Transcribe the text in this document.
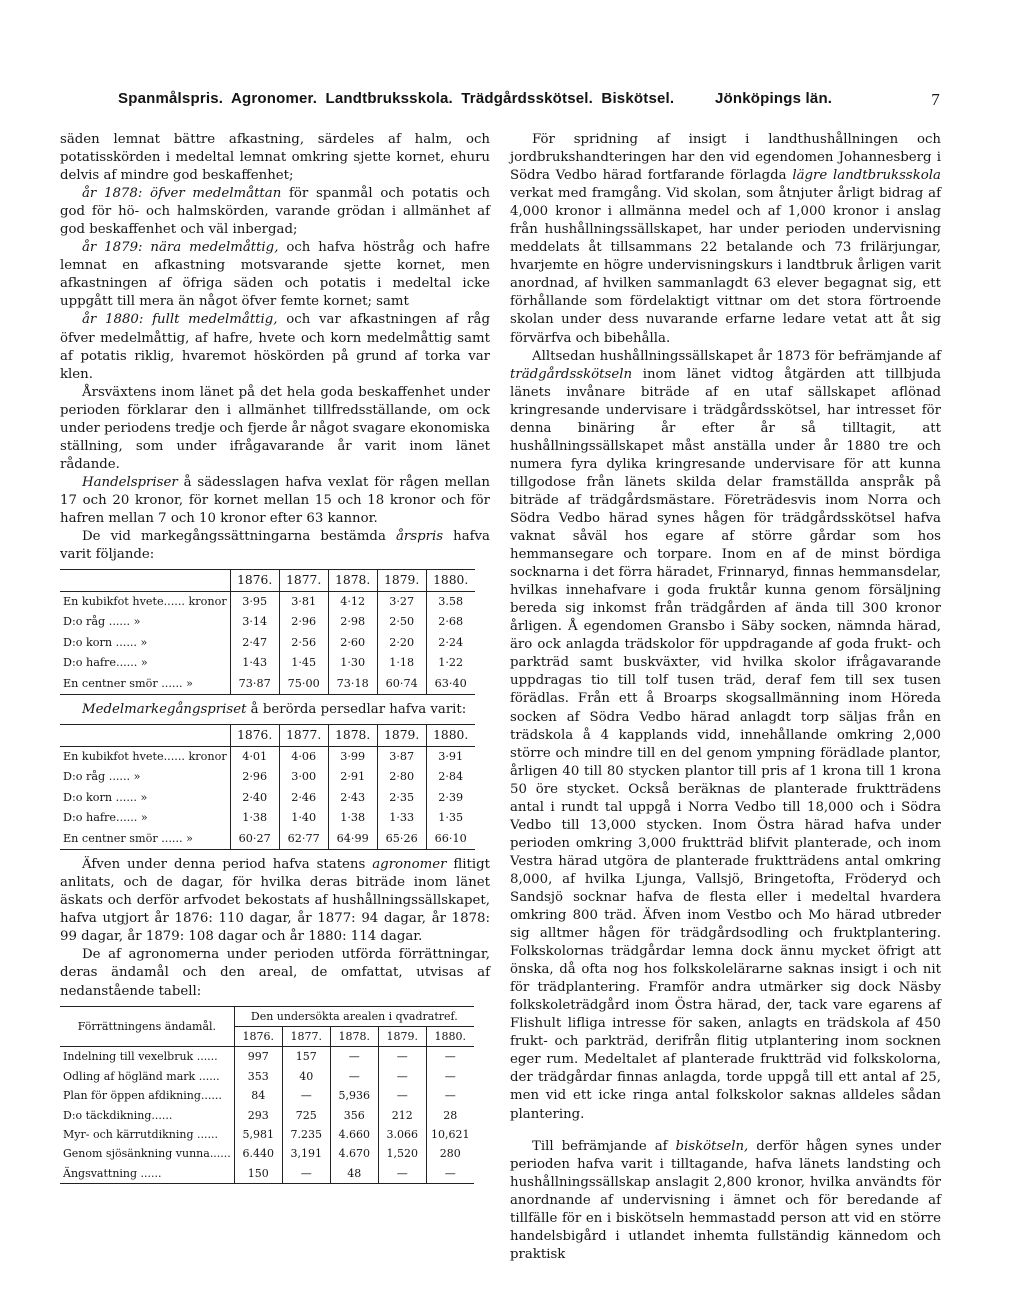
Spanmålspris. Agronomer. Landtbruksskola. Trädgårdsskötsel. Biskötsel.	Jönköpings län.	7

säden lemnat bättre afkastning, särdeles af halm, och potatisskörden i medeltal lemnat omkring sjette kornet, ehuru delvis af mindre god beskaffenhet;

år 1878: öfver medelmåttan för spanmål och potatis och god för hö- och halmskörden, varande grödan i allmänhet af god beskaffenhet och väl inbergad;

år 1879: nära medelmåttig, och hafva höstråg och hafre lemnat en afkastning motsvarande sjette kornet, men afkastningen af öfriga säden och potatis i medeltal icke uppgått till mera än något öfver femte kornet; samt

år 1880: fullt medelmåttig, och var afkastningen af råg öfver medelmåttig, af hafre, hvete och korn medelmåttig samt af potatis riklig, hvaremot höskörden på grund af torka var klen.

Årsväxtens inom länet på det hela goda beskaffenhet under perioden förklarar den i allmänhet tillfredsställande, om ock under periodens tredje och fjerde år något svagare ekonomiska ställning, som under ifrågavarande år varit inom länet rådande.

Handelspriser å sädesslagen hafva vexlat för rågen mellan 17 och 20 kronor, för kornet mellan 15 och 18 kronor och för hafren mellan 7 och 10 kronor efter 63 kannor.

De vid markegångssättningarna bestämda årspris hafva varit följande:

	1876.	1877.	1878.	1879.	1880.
En kubikfot hvete...... kronor	3·95	3·81	4·12	3·27	3.58
D:o råg ...... »	3·14	2·96	2·98	2·50	2·68
D:o korn ...... »	2·47	2·56	2·60	2·20	2·24
D:o hafre...... »	1·43	1·45	1·30	1·18	1·22
En centner smör ...... »	73·87	75·00	73·18	60·74	63·40

Medelmarkegångspriset å berörda persedlar hafva varit:

	1876.	1877.	1878.	1879.	1880.
En kubikfot hvete...... kronor	4·01	4·06	3·99	3·87	3·91
D:o råg ...... »	2·96	3·00	2·91	2·80	2·84
D:o korn ...... »	2·40	2·46	2·43	2·35	2·39
D:o hafre...... »	1·38	1·40	1·38	1·33	1·35
En centner smör ...... »	60·27	62·77	64·99	65·26	66·10

Äfven under denna period hafva statens agronomer flitigt anlitats, och de dagar, för hvilka deras biträde inom länet äskats och derför arfvodet bekostats af hushållningssällskapet, hafva utgjort år 1876: 110 dagar, år 1877: 94 dagar, år 1878: 99 dagar, år 1879: 108 dagar och år 1880: 114 dagar.

De af agronomerna under perioden utförda förrättningar, deras ändamål och den areal, de omfattat, utvisas af nedanstående tabell:

Förrättningens ändamål.	Den undersökta arealen i qvadratref.				
	1876.	1877.	1878.	1879.	1880.
Indelning till vexelbruk ......	997	157	—	—	—
Odling af högländ mark ......	353	40	—	—	—
Plan för öppen afdikning......	84	—	5,936	—	—
D:o täckdikning......	293	725	356	212	28
Myr- och kärrutdikning ......	5,981	7.235	4.660	3.066	10,621
Genom sjösänkning vunna......	6.440	3,191	4.670	1,520	280
Ängsvattning ......	150	—	48	—	—

För spridning af insigt i landthushållningen och jordbrukshandteringen har den vid egendomen Johannesberg i Södra Vedbo härad fortfarande förlagda lägre landtbruksskola verkat med framgång. Vid skolan, som åtnjuter årligt bidrag af 4,000 kronor i allmänna medel och af 1,000 kronor i anslag från hushållningssällskapet, har under perioden undervisning meddelats åt tillsammans 22 betalande och 73 frilärjungar, hvarjemte en högre undervisningskurs i landtbruk årligen varit anordnad, af hvilken sammanlagdt 63 elever begagnat sig, ett förhållande som fördelaktigt vittnar om det stora förtroende skolan under dess nuvarande erfarne ledare vetat att åt sig förvärfva och bibehålla.

Alltsedan hushållningssällskapet år 1873 för befrämjande af trädgårdsskötseln inom länet vidtog åtgärden att tillbjuda länets invånare biträde af en utaf sällskapet aflönad kringresande undervisare i trädgårdsskötsel, har intresset för denna binäring år efter år så tilltagit, att hushållningssällskapet måst anställa under år 1880 tre och numera fyra dylika kringresande undervisare för att kunna tillgodose från länets skilda delar framställda anspråk på biträde af trädgårdsmästare. Företrädesvis inom Norra och Södra Vedbo härad synes hågen för trädgårdsskötsel hafva vaknat såväl hos egare af större gårdar som hos hemmansegare och torpare. Inom en af de minst bördiga socknarna i det förra häradet, Frinnaryd, finnas hemmansdelar, hvilkas innehafvare i goda fruktår kunna genom försäljning bereda sig inkomst från trädgården af ända till 300 kronor årligen. Å egendomen Gransbo i Säby socken, nämnda härad, äro ock anlagda trädskolor för uppdragande af goda frukt- och parkträd samt buskväxter, vid hvilka skolor ifrågavarande uppdragas tio till tolf tusen träd, deraf fem till sex tusen förädlas. Från ett å Broarps skogsallmänning inom Höreda socken af Södra Vedbo härad anlagdt torp säljas från en trädskola å 4 kapplands vidd, innehållande omkring 2,000 större och mindre till en del genom ympning förädlade plantor, årligen 40 till 80 stycken plantor till pris af 1 krona till 1 krona 50 öre stycket. Också beräknas de planterade fruktträdens antal i rundt tal uppgå i Norra Vedbo till 18,000 och i Södra Vedbo till 13,000 stycken. Inom Östra härad hafva under perioden omkring 3,000 fruktträd blifvit planterade, och inom Vestra härad utgöra de planterade fruktträdens antal omkring 8,000, af hvilka Ljunga, Vallsjö, Bringetofta, Fröderyd och Sandsjö socknar hafva de flesta eller i medeltal hvardera omkring 800 träd. Äfven inom Vestbo och Mo härad utbreder sig alltmer hågen för trädgårdsodling och fruktplantering. Folkskolornas trädgårdar lemna dock ännu mycket öfrigt att önska, då ofta nog hos folkskolelärarne saknas insigt i och nit för trädplantering. Framför andra utmärker sig dock Näsby folkskoleträdgård inom Östra härad, der, tack vare egarens af Flishult lifliga intresse för saken, anlagts en trädskola af 450 frukt- och parkträd, derifrån flitig utplantering inom socknen eger rum. Medeltalet af planterade fruktträd vid folkskolorna, der trädgårdar finnas anlagda, torde uppgå till ett antal af 25, men vid ett icke ringa antal folkskolor saknas alldeles sådan plantering.

Till befrämjande af biskötseln, derför hågen synes under perioden hafva varit i tilltagande, hafva länets landsting och hushållningssällskap anslagit 2,800 kronor, hvilka användts för anordnande af undervisning i ämnet och för beredande af tillfälle för en i biskötseln hemmastadd person att vid en större handelsbigård i utlandet inhemta fullständig kännedom och praktisk
